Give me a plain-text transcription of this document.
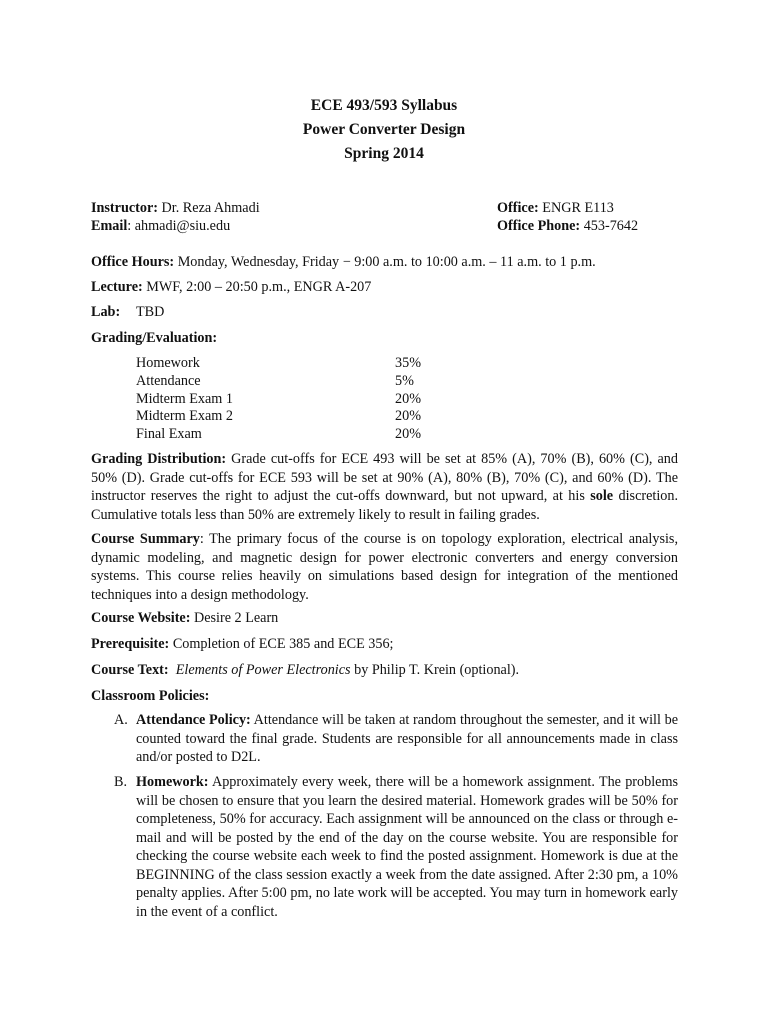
ECE 493/593 Syllabus
Power Converter Design
Spring 2014
Instructor: Dr. Reza Ahmadi
Email: ahmadi@siu.edu
Office: ENGR E113
Office Phone: 453-7642
Office Hours: Monday, Wednesday, Friday − 9:00 a.m. to 10:00 a.m. – 11 a.m. to 1 p.m.
Lecture: MWF, 2:00 – 20:50 p.m., ENGR A-207
Lab: TBD
Grading/Evaluation:
Homework	35%
Attendance	5%
Midterm Exam 1	20%
Midterm Exam 2	20%
Final Exam	20%
Grading Distribution: Grade cut-offs for ECE 493 will be set at 85% (A), 70% (B), 60% (C), and 50% (D). Grade cut-offs for ECE 593 will be set at 90% (A), 80% (B), 70% (C), and 60% (D). The instructor reserves the right to adjust the cut-offs downward, but not upward, at his sole discretion. Cumulative totals less than 50% are extremely likely to result in failing grades.
Course Summary: The primary focus of the course is on topology exploration, electrical analysis, dynamic modeling, and magnetic design for power electronic converters and energy conversion systems. This course relies heavily on simulations based design for integration of the mentioned techniques into a design methodology.
Course Website: Desire 2 Learn
Prerequisite: Completion of ECE 385 and ECE 356;
Course Text: Elements of Power Electronics by Philip T. Krein (optional).
Classroom Policies:
A. Attendance Policy: Attendance will be taken at random throughout the semester, and it will be counted toward the final grade. Students are responsible for all announcements made in class and/or posted to D2L.
B. Homework: Approximately every week, there will be a homework assignment. The problems will be chosen to ensure that you learn the desired material. Homework grades will be 50% for completeness, 50% for accuracy. Each assignment will be announced on the class or through e-mail and will be posted by the end of the day on the course website. You are responsible for checking the course website each week to find the posted assignment. Homework is due at the BEGINNING of the class session exactly a week from the date assigned. After 2:30 pm, a 10% penalty applies. After 5:00 pm, no late work will be accepted. You may turn in homework early in the event of a conflict.
